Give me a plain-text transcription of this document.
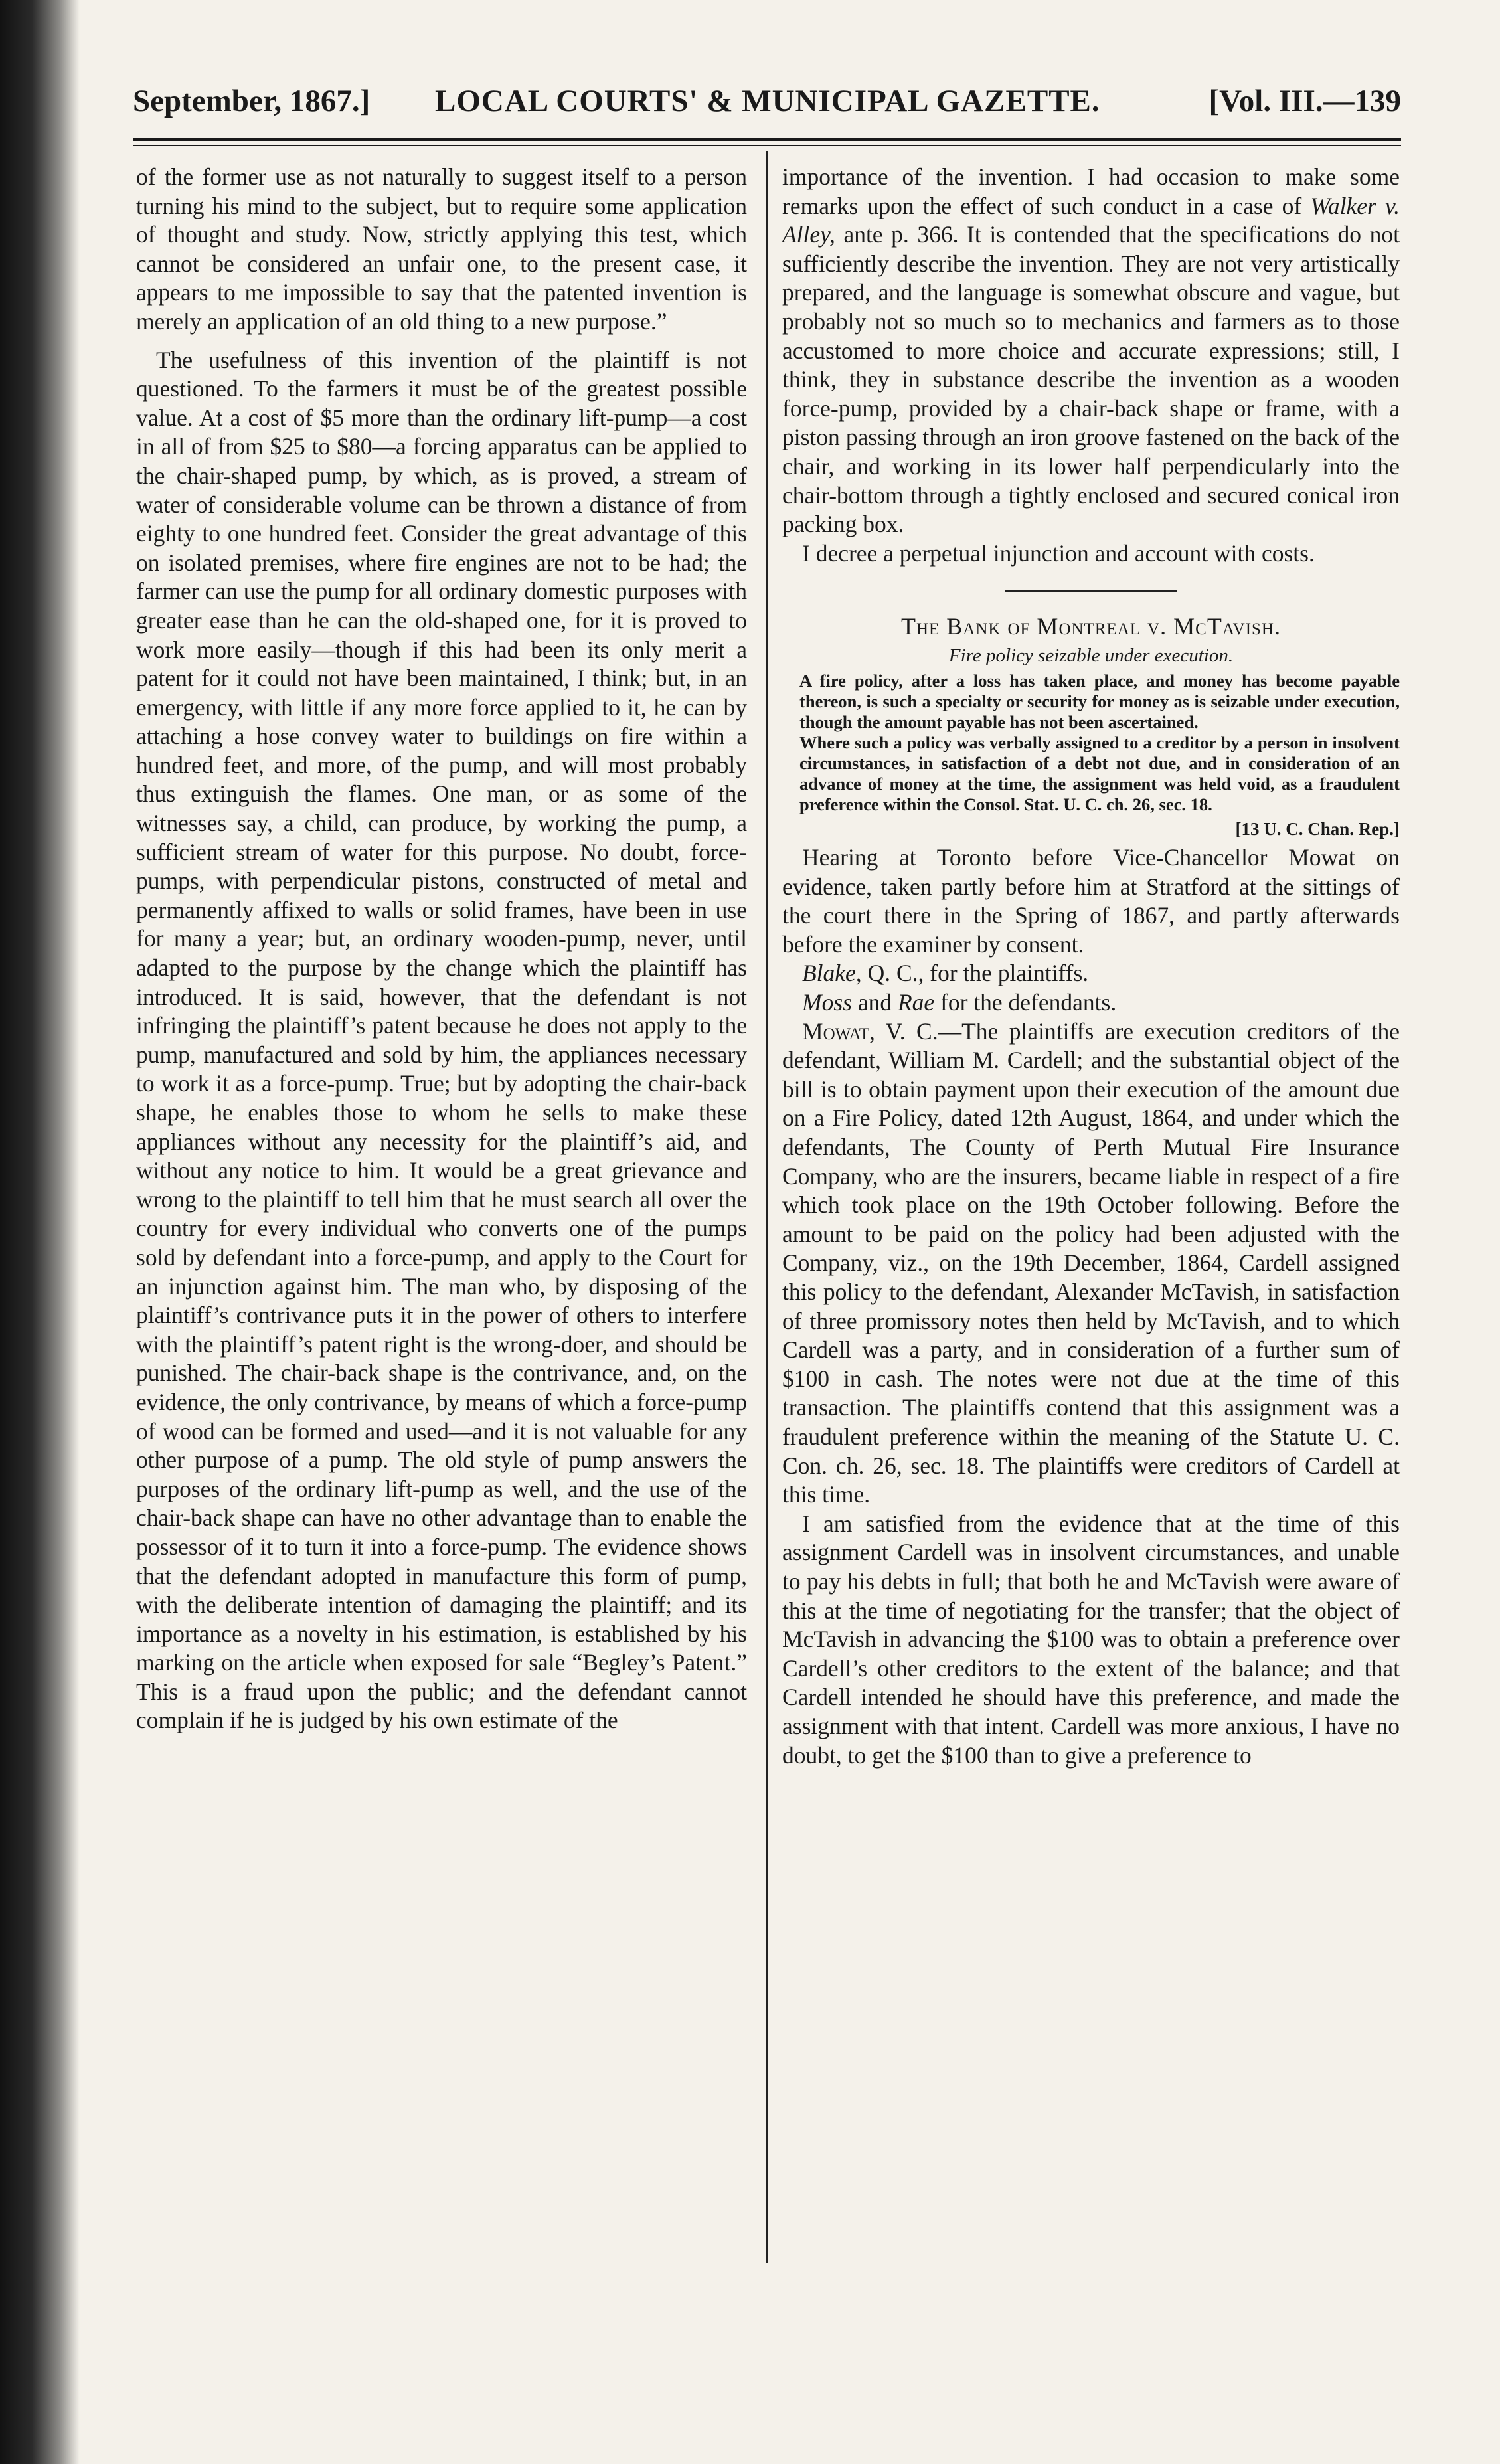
September, 1867.] LOCAL COURTS' & MUNICIPAL GAZETTE.	[Vol. III.—139

of the former use as not naturally to suggest itself to a person turning his mind to the subject, but to require some application of thought and study. Now, strictly applying this test, which cannot be considered an unfair one, to the present case, it appears to me impossible to say that the patented invention is merely an application of an old thing to a new purpose.”

The usefulness of this invention of the plaintiff is not questioned. To the farmers it must be of the greatest possible value. At a cost of $5 more than the ordinary lift-pump—a cost in all of from $25 to $80—a forcing apparatus can be applied to the chair-shaped pump, by which, as is proved, a stream of water of considerable volume can be thrown a distance of from eighty to one hundred feet. Consider the great advantage of this on isolated premises, where fire engines are not to be had; the farmer can use the pump for all ordinary domestic purposes with greater ease than he can the old-shaped one, for it is proved to work more easily—though if this had been its only merit a patent for it could not have been maintained, I think; but, in an emergency, with little if any more force applied to it, he can by attaching a hose convey water to buildings on fire within a hundred feet, and more, of the pump, and will most probably thus extinguish the flames. One man, or as some of the witnesses say, a child, can produce, by working the pump, a sufficient stream of water for this purpose. No doubt, force-pumps, with perpendicular pistons, constructed of metal and permanently affixed to walls or solid frames, have been in use for many a year; but, an ordinary wooden-pump, never, until adapted to the purpose by the change which the plaintiff has introduced. It is said, however, that the defendant is not infringing the plaintiff’s patent because he does not apply to the pump, manufactured and sold by him, the appliances necessary to work it as a force-pump. True; but by adopting the chair-back shape, he enables those to whom he sells to make these appliances without any necessity for the plaintiff’s aid, and without any notice to him. It would be a great grievance and wrong to the plaintiff to tell him that he must search all over the country for every individual who converts one of the pumps sold by defendant into a force-pump, and apply to the Court for an injunction against him. The man who, by disposing of the plaintiff’s contrivance puts it in the power of others to interfere with the plaintiff’s patent right is the wrong-doer, and should be punished. The chair-back shape is the contrivance, and, on the evidence, the only contrivance, by means of which a force-pump of wood can be formed and used—and it is not valuable for any other purpose of a pump. The old style of pump answers the purposes of the ordinary lift-pump as well, and the use of the chair-back shape can have no other advantage than to enable the possessor of it to turn it into a force-pump. The evidence shows that the defendant adopted in manufacture this form of pump, with the deliberate intention of damaging the plaintiff; and its importance as a novelty in his estimation, is established by his marking on the article when exposed for sale “Begley’s Patent.” This is a fraud upon the public; and the defendant cannot complain if he is judged by his own estimate of the

importance of the invention. I had occasion to make some remarks upon the effect of such conduct in a case of Walker v. Alley, ante p. 366. It is contended that the specifications do not sufficiently describe the invention. They are not very artistically prepared, and the language is somewhat obscure and vague, but probably not so much so to mechanics and farmers as to those accustomed to more choice and accurate expressions; still, I think, they in substance describe the invention as a wooden force-pump, provided by a chair-back shape or frame, with a piston passing through an iron groove fastened on the back of the chair, and working in its lower half perpendicularly into the chair-bottom through a tightly enclosed and secured conical iron packing box.

I decree a perpetual injunction and account with costs.

The Bank of Montreal v. McTavish.

Fire policy seizable under execution.

A fire policy, after a loss has taken place, and money has become payable thereon, is such a specialty or security for money as is seizable under execution, though the amount payable has not been ascertained.

Where such a policy was verbally assigned to a creditor by a person in insolvent circumstances, in satisfaction of a debt not due, and in consideration of an advance of money at the time, the assignment was held void, as a fraudulent preference within the Consol. Stat. U. C. ch. 26, sec. 18.

[13 U. C. Chan. Rep.]

Hearing at Toronto before Vice-Chancellor Mowat on evidence, taken partly before him at Stratford at the sittings of the court there in the Spring of 1867, and partly afterwards before the examiner by consent.

Blake, Q. C., for the plaintiffs.

Moss and Rae for the defendants.

Mowat, V. C.—The plaintiffs are execution creditors of the defendant, William M. Cardell; and the substantial object of the bill is to obtain payment upon their execution of the amount due on a Fire Policy, dated 12th August, 1864, and under which the defendants, The County of Perth Mutual Fire Insurance Company, who are the insurers, became liable in respect of a fire which took place on the 19th October following. Before the amount to be paid on the policy had been adjusted with the Company, viz., on the 19th December, 1864, Cardell assigned this policy to the defendant, Alexander McTavish, in satisfaction of three promissory notes then held by McTavish, and to which Cardell was a party, and in consideration of a further sum of $100 in cash. The notes were not due at the time of this transaction. The plaintiffs contend that this assignment was a fraudulent preference within the meaning of the Statute U. C. Con. ch. 26, sec. 18. The plaintiffs were creditors of Cardell at this time.

I am satisfied from the evidence that at the time of this assignment Cardell was in insolvent circumstances, and unable to pay his debts in full; that both he and McTavish were aware of this at the time of negotiating for the transfer; that the object of McTavish in advancing the $100 was to obtain a preference over Cardell’s other creditors to the extent of the balance; and that Cardell intended he should have this preference, and made the assignment with that intent. Cardell was more anxious, I have no doubt, to get the $100 than to give a preference to
